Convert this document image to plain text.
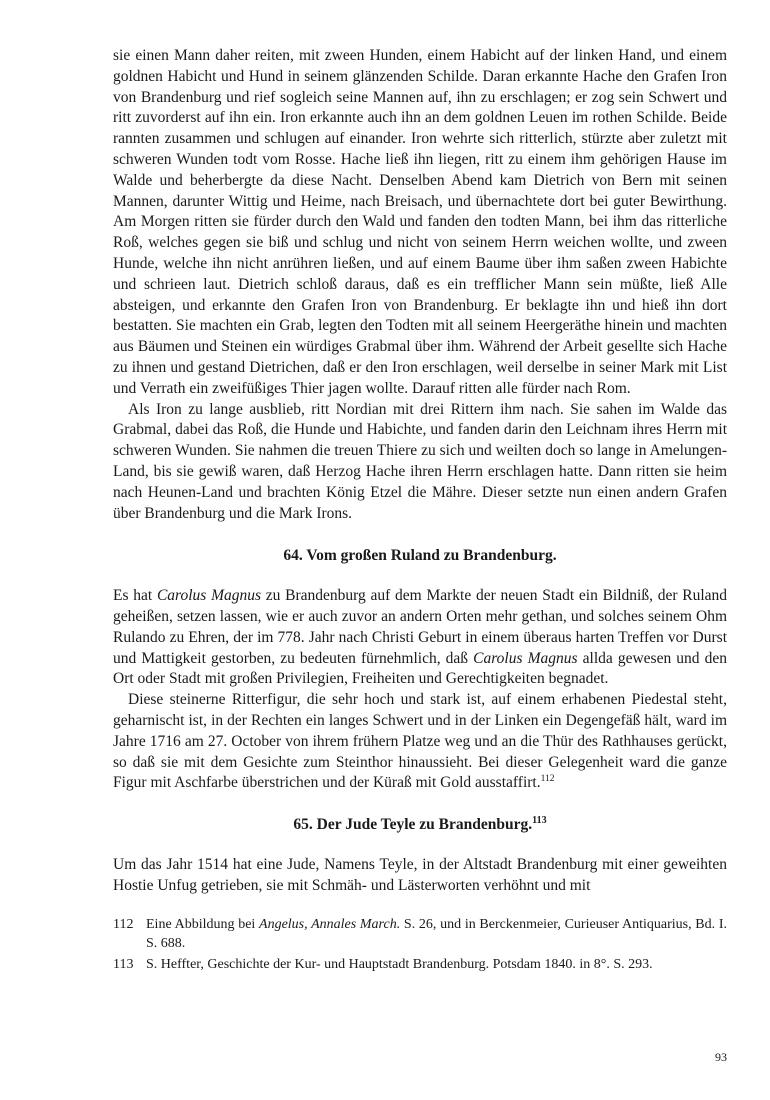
sie einen Mann daher reiten, mit zween Hunden, einem Habicht auf der linken Hand, und einem goldnen Habicht und Hund in seinem glänzenden Schilde. Daran erkannte Hache den Grafen Iron von Brandenburg und rief sogleich seine Mannen auf, ihn zu erschlagen; er zog sein Schwert und ritt zuvorderst auf ihn ein. Iron erkannte auch ihn an dem goldnen Leuen im rothen Schilde. Beide rannten zusammen und schlugen auf einander. Iron wehrte sich ritterlich, stürzte aber zuletzt mit schweren Wunden todt vom Rosse. Hache ließ ihn liegen, ritt zu einem ihm gehörigen Hause im Walde und beherbergte da diese Nacht. Denselben Abend kam Dietrich von Bern mit seinen Mannen, darunter Wittig und Heime, nach Breisach, und übernachtete dort bei guter Bewirthung. Am Morgen ritten sie fürder durch den Wald und fanden den todten Mann, bei ihm das ritterliche Roß, welches gegen sie biß und schlug und nicht von seinem Herrn weichen wollte, und zween Hunde, welche ihn nicht anrühren ließen, und auf einem Baume über ihm saßen zween Habichte und schrieen laut. Dietrich schloß daraus, daß es ein trefflicher Mann sein müßte, ließ Alle absteigen, und erkannte den Grafen Iron von Brandenburg. Er beklagte ihn und hieß ihn dort bestatten. Sie machten ein Grab, legten den Todten mit all seinem Heergeräthe hinein und machten aus Bäumen und Steinen ein würdiges Grabmal über ihm. Während der Arbeit gesellte sich Hache zu ihnen und gestand Dietrichen, daß er den Iron erschlagen, weil derselbe in seiner Mark mit List und Verrath ein zweifüßiges Thier jagen wollte. Darauf ritten alle fürder nach Rom.

Als Iron zu lange ausblieb, ritt Nordian mit drei Rittern ihm nach. Sie sahen im Walde das Grabmal, dabei das Roß, die Hunde und Habichte, und fanden darin den Leichnam ihres Herrn mit schweren Wunden. Sie nahmen die treuen Thiere zu sich und weilten doch so lange in Amelungen-Land, bis sie gewiß waren, daß Herzog Hache ihren Herrn erschlagen hatte. Dann ritten sie heim nach Heunen-Land und brachten König Etzel die Mähre. Dieser setzte nun einen andern Grafen über Brandenburg und die Mark Irons.

64. Vom großen Ruland zu Brandenburg.

Es hat Carolus Magnus zu Brandenburg auf dem Markte der neuen Stadt ein Bildniß, der Ruland geheißen, setzen lassen, wie er auch zuvor an andern Orten mehr gethan, und solches seinem Ohm Rulando zu Ehren, der im 778. Jahr nach Christi Geburt in einem überaus harten Treffen vor Durst und Mattigkeit gestorben, zu bedeuten fürnehmlich, daß Carolus Magnus allda gewesen und den Ort oder Stadt mit großen Privilegien, Freiheiten und Gerechtigkeiten begnadet.

Diese steinerne Ritterfigur, die sehr hoch und stark ist, auf einem erhabenen Piedestal steht, geharnischt ist, in der Rechten ein langes Schwert und in der Linken ein Degengefäß hält, ward im Jahre 1716 am 27. October von ihrem frühern Platze weg und an die Thür des Rathhauses gerückt, so daß sie mit dem Gesichte zum Steinthor hinaussieht. Bei dieser Gelegenheit ward die ganze Figur mit Aschfarbe überstrichen und der Küraß mit Gold ausstaffirt.$^{112}$

65. Der Jude Teyle zu Brandenburg.$^{113}$

Um das Jahr 1514 hat eine Jude, Namens Teyle, in der Altstadt Brandenburg mit einer geweihten Hostie Unfug getrieben, sie mit Schmäh- und Lästerworten verhöhnt und mit

112 Eine Abbildung bei Angelus, Annales March. S. 26, und in Berckenmeier, Curieuser Antiquarius, Bd. I. S. 688.
113 S. Heffter, Geschichte der Kur- und Hauptstadt Brandenburg. Potsdam 1840. in 8°. S. 293.
93
